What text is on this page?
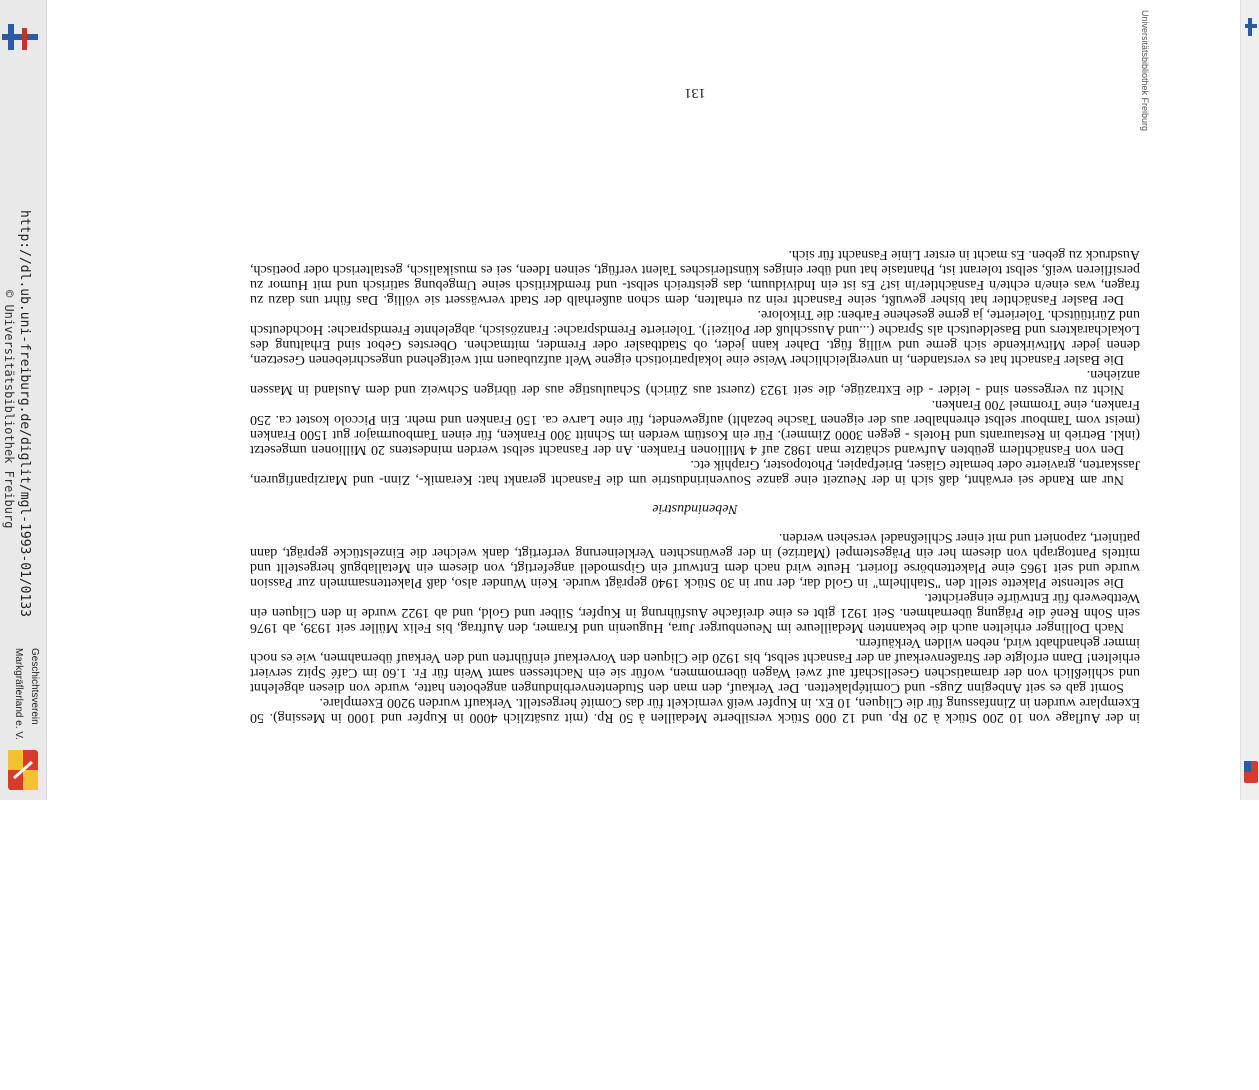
http://dl.ub.uni-freiburg.de/diglit/mgl-1993-01/0133
© Universitätsbibliothek Freiburg
Geschichtsverein
Markgräflerland e. V.
Universitätsbibliothek Freiburg

in der Auflage von 10 200 Stück à 20 Rp. und 12 000 Stück versilberte Medaillen à 50 Rp. (mit zusätzlich 4000 in Kupfer und 1000 in Messing). 50 Exemplare wurden in Zinnfassung für die Cliquen, 10 Ex. in Kupfer weiß vernickelt für das Comité hergestellt. Verkauft wurden 9200 Exemplare.

Somit gab es seit Anbeginn Zugs- und Comitéplaketten. Der Verkauf, den man den Studentenverbindungen angeboten hatte, wurde von diesen abgelehnt und schließlich von der dramatischen Gesellschaft auf zwei Wagen übernommen, wofür sie ein Nachtessen samt Wein für Fr. 1.60 im Café Spitz serviert erhielten! Dann erfolgte der Straßenverkauf an der Fasnacht selbst, bis 1920 die Cliquen den Vorverkauf einführten und den Verkauf übernahmen, wie es noch immer gehandhabt wird, neben wilden Verkäufern.

Nach Dollinger erhielten auch die bekannten Medailleure im Neuenburger Jura, Huguenin und Kramer, den Auftrag, bis Felix Müller seit 1939, ab 1976 sein Sohn René die Prägung übernahmen. Seit 1921 gibt es eine dreifache Ausführung in Kupfer, Silber und Gold, und ab 1922 wurde in den Cliquen ein Wettbewerb für Entwürfe eingerichtet.

Die seltenste Plakette stellt den "Stahlhelm" in Gold dar, der nur in 30 Stück 1940 geprägt wurde. Kein Wunder also, daß Plakettensammeln zur Passion wurde und seit 1965 eine Plakettenbörse floriert. Heute wird nach dem Entwurf ein Gipsmodell angefertigt, von diesem ein Metallabguß hergestellt und mittels Pantograph von diesem her ein Prägestempel (Matrize) in der gewünschten Verkleinerung verfertigt, dank welcher die Einzelstücke geprägt, dann patiniert, zaponiert und mit einer Schließnadel versehen werden.

Nebenindustrie

Nur am Rande sei erwähnt, daß sich in der Neuzeit eine ganze Souvenirindustrie um die Fasnacht gerankt hat: Keramik-, Zinn- und Marzipanfiguren, Jasskarten, gravierte oder bemalte Gläser, Briefpapier, Photoposter, Graphik etc.

Den von Fasnächtlern geübten Aufwand schätzte man 1982 auf 4 Millionen Franken. An der Fasnacht selbst werden mindestens 20 Millionen umgesetzt (inkl. Betrieb in Restaurants und Hotels - gegen 3000 Zimmer). Für ein Kostüm werden im Schnitt 300 Franken, für einen Tambourmajor gut 1500 Franken (meist vom Tambour selbst ehrenhalber aus der eigenen Tasche bezahlt) aufgewendet, für eine Larve ca. 150 Franken und mehr. Ein Piccolo kostet ca. 250 Franken, eine Trommel 700 Franken.

Nicht zu vergessen sind - leider - die Extrazüge, die seit 1923 (zuerst aus Zürich) Schaulustige aus der übrigen Schweiz und dem Ausland in Massen anziehen.

Die Basler Fasnacht hat es verstanden, in unvergleichlicher Weise eine lokalpatriotisch eigene Welt aufzubauen mit weitgehend ungeschriebenen Gesetzen, denen jeder Mitwirkende sich gerne und willig fügt. Daher kann jeder, ob Stadtbasler oder Fremder, mitmachen. Oberstes Gebot sind Erhaltung des Lokalcharakters und Baseldeutsch als Sprache (...und Ausschluß der Polizei!). Tolerierte Fremdsprache: Französisch, abgelehnte Fremdsprache: Hochdeutsch und Züritüütsch. Tolerierte, ja gerne gesehene Farben: die Trikolore.

Der Basler Fasnächtler hat bisher gewußt, seine Fasnacht rein zu erhalten, dem schon außerhalb der Stadt verwässert sie völlig. Das führt uns dazu zu fragen, was eine/n echte/n Fasnächtler/in ist? Es ist ein Individuum, das geistreich selbst- und fremdkritisch seine Umgebung satirisch und mit Humor zu persiflieren weiß, selbst tolerant ist, Phantasie hat und über einiges künstlerisches Talent verfügt, seinen Ideen, sei es musikalisch, gestalterisch oder poetisch, Ausdruck zu geben. Es macht in erster Linie Fasnacht für sich.

131
